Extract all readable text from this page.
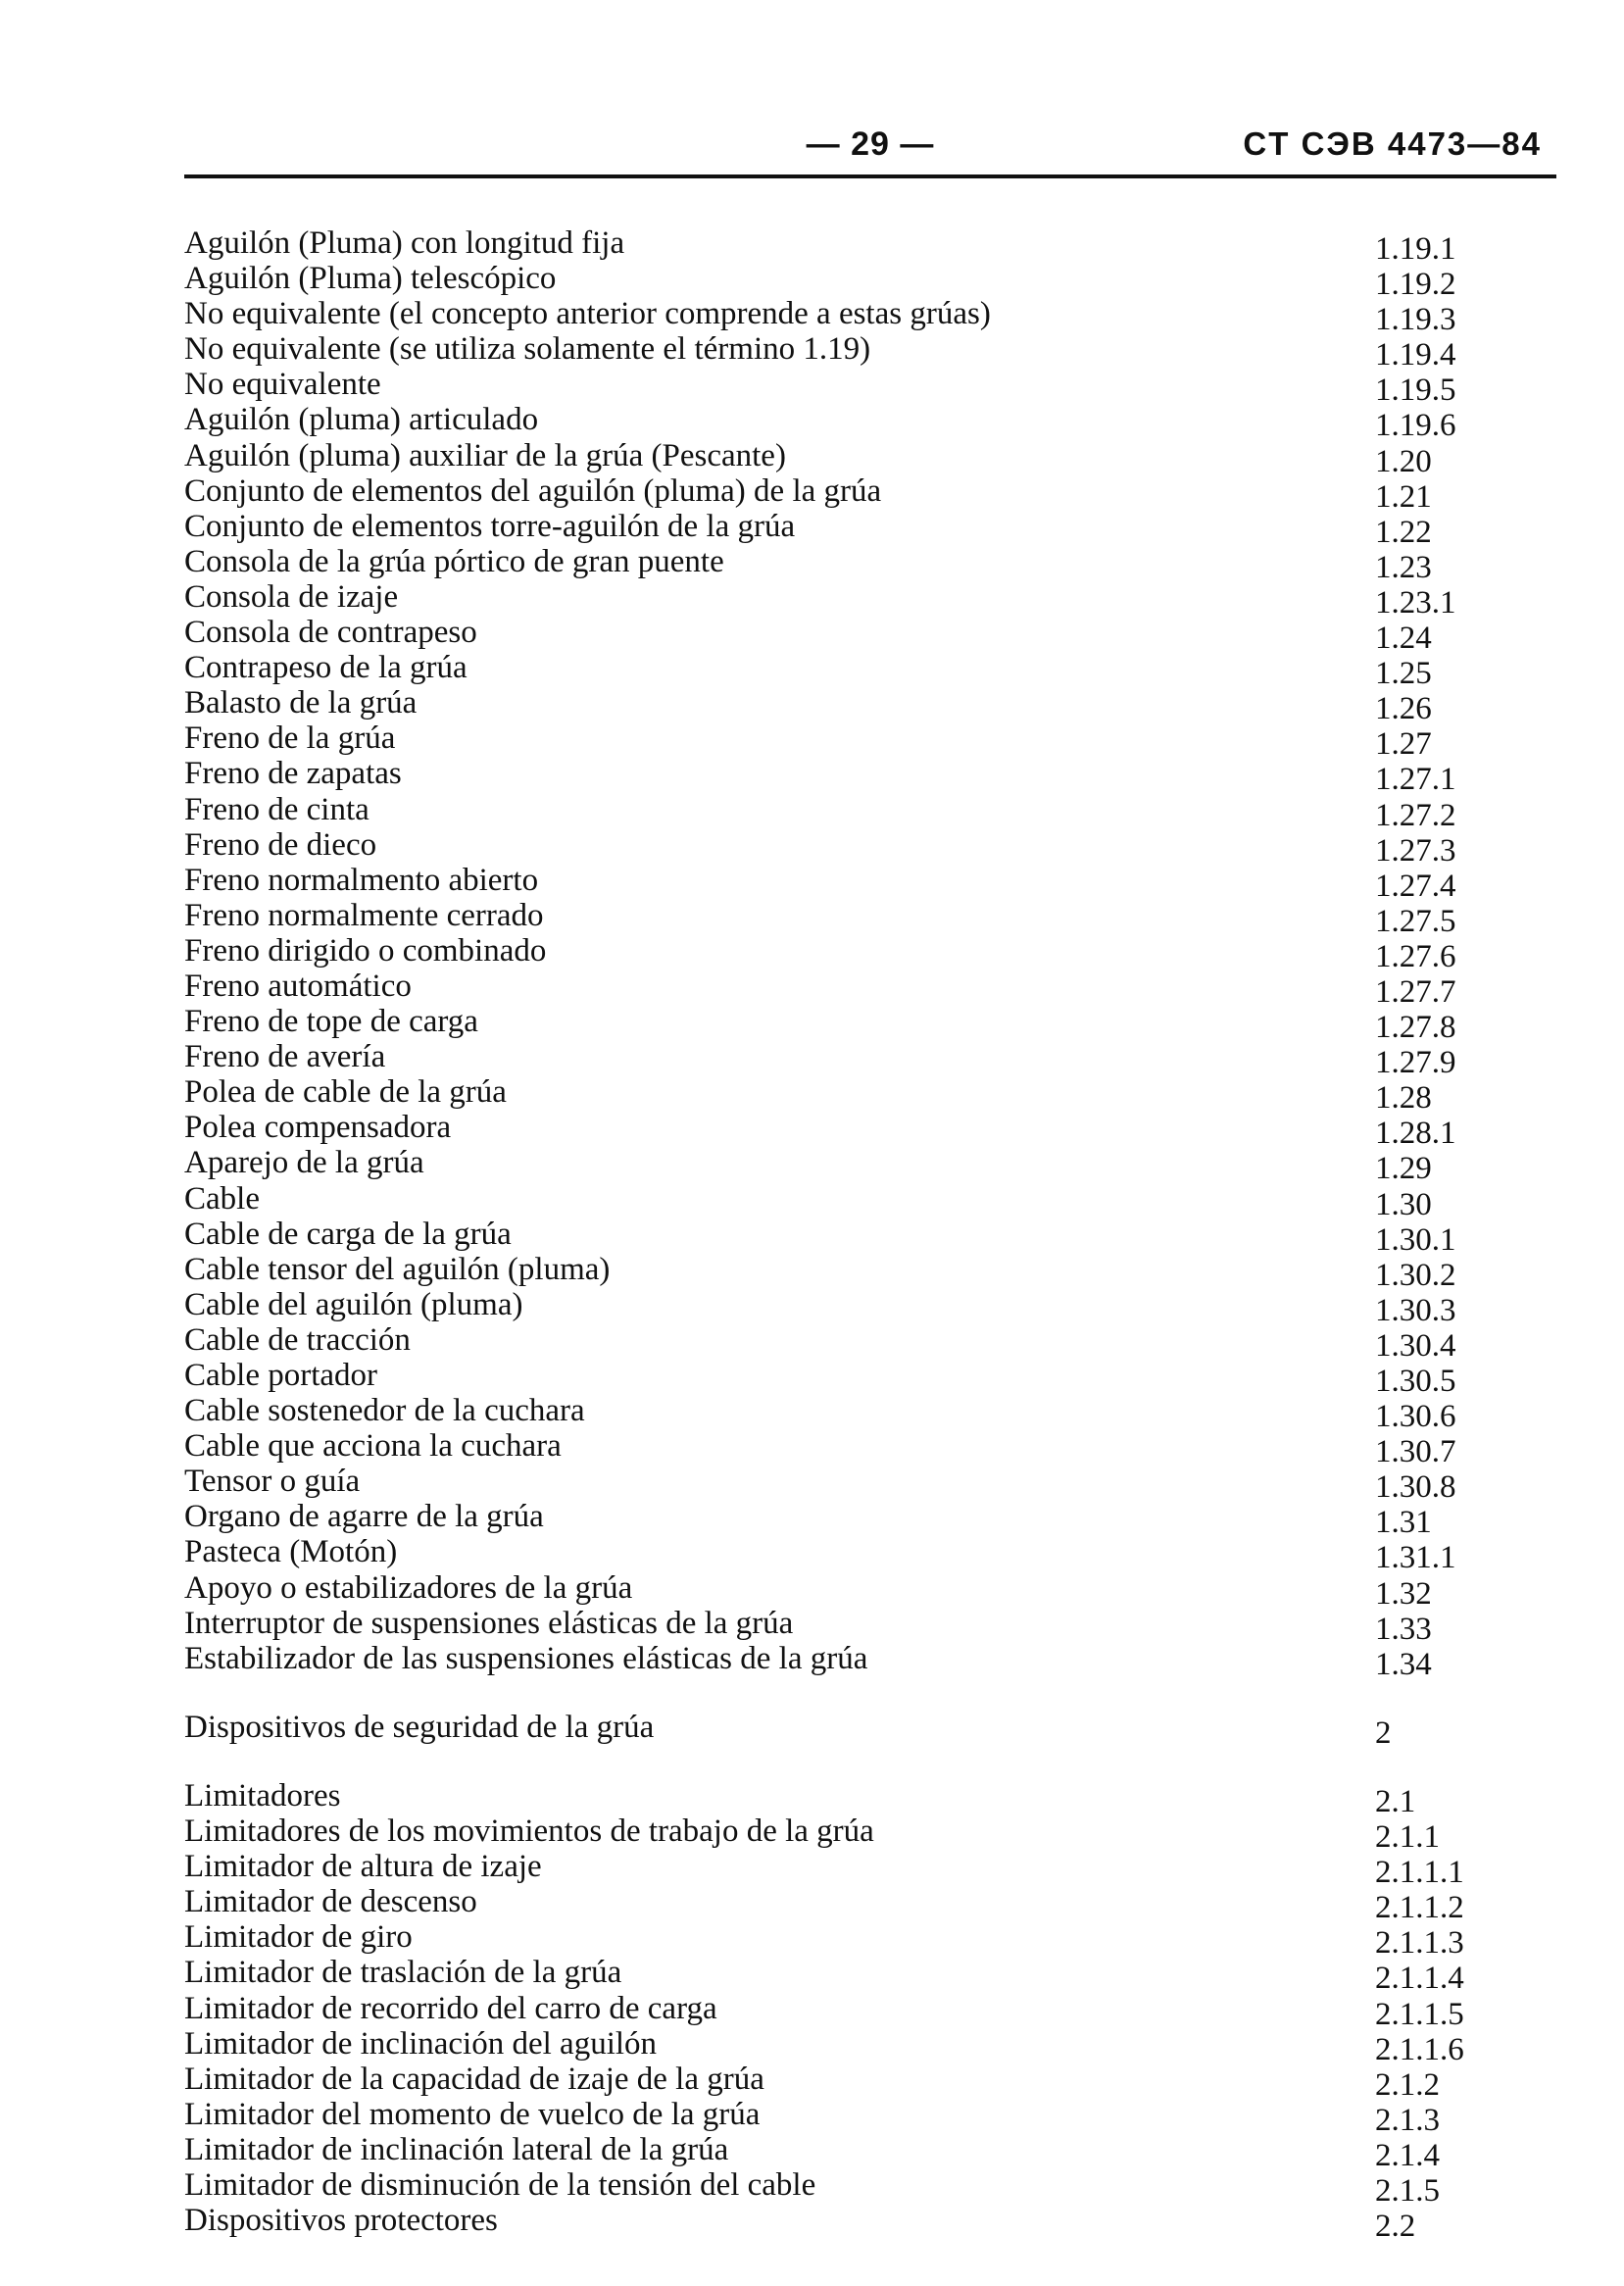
— 29 —	CT CЭB 4473—84
Aguilón (Pluma) con longitud fija	1.19.1
Aguilón (Pluma) telescópico	1.19.2
No equivalente (el concepto anterior comprende a estas grúas)	1.19.3
No equivalente (se utiliza solamente el término 1.19)	1.19.4
No equivalente	1.19.5
Aguilón (pluma) articulado	1.19.6
Aguilón (pluma) auxiliar de la grúa (Pescante)	1.20
Conjunto de elementos del aguilón (pluma) de la grúa	1.21
Conjunto de elementos torre-aguilón de la grúa	1.22
Consola de la grúa pórtico de gran puente	1.23
Consola de izaje	1.23.1
Consola de contrapeso	1.24
Contrapeso de la grúa	1.25
Balasto de la grúa	1.26
Freno de la grúa	1.27
Freno de zapatas	1.27.1
Freno de cinta	1.27.2
Freno de dieco	1.27.3
Freno normalmento abierto	1.27.4
Freno normalmente cerrado	1.27.5
Freno dirigido o combinado	1.27.6
Freno automático	1.27.7
Freno de tope de carga	1.27.8
Freno de avería	1.27.9
Polea de cable de la grúa	1.28
Polea compensadora	1.28.1
Aparejo de la grúa	1.29
Cable	1.30
Cable de carga de la grúa	1.30.1
Cable tensor del aguilón (pluma)	1.30.2
Cable del aguilón (pluma)	1.30.3
Cable de tracción	1.30.4
Cable portador	1.30.5
Cable sostenedor de la cuchara	1.30.6
Cable que acciona la cuchara	1.30.7
Tensor o guía	1.30.8
Organo de agarre de la grúa	1.31
Pasteca (Motón)	1.31.1
Apoyo o estabilizadores de la grúa	1.32
Interruptor de suspensiones elásticas de la grúa	1.33
Estabilizador de las suspensiones elásticas de la grúa	1.34
Dispositivos de seguridad de la grúa	2
Limitadores	2.1
Limitadores de los movimientos de trabajo de la grúa	2.1.1
Limitador de altura de izaje	2.1.1.1
Limitador de descenso	2.1.1.2
Limitador de giro	2.1.1.3
Limitador de traslación de la grúa	2.1.1.4
Limitador de recorrido del carro de carga	2.1.1.5
Limitador de inclinación del aguilón	2.1.1.6
Limitador de la capacidad de izaje de la grúa	2.1.2
Limitador del momento de vuelco de la grúa	2.1.3
Limitador de inclinación lateral de la grúa	2.1.4
Limitador de disminución de la tensión del cable	2.1.5
Dispositivos protectores	2.2
